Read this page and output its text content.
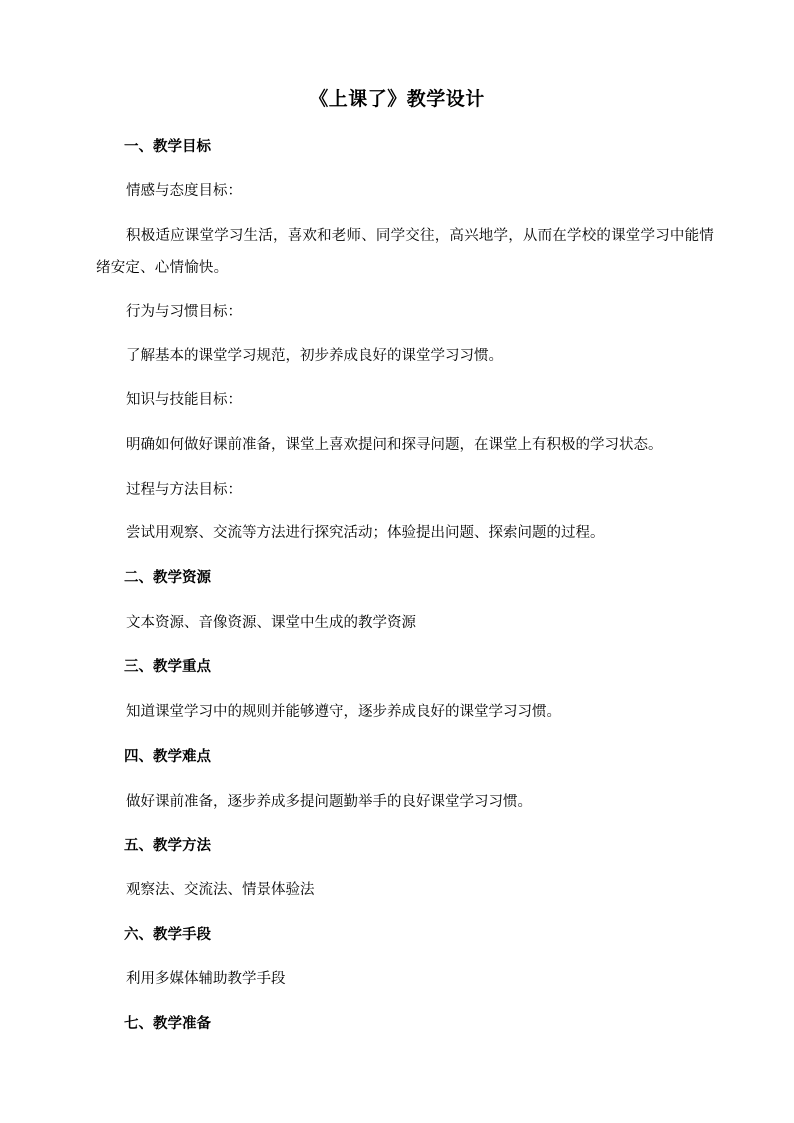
《上课了》教学设计
一、教学目标
情感与态度目标：
积极适应课堂学习生活，喜欢和老师、同学交往，高兴地学，从而在学校的课堂学习中能情绪安定、心情愉快。
行为与习惯目标：
了解基本的课堂学习规范，初步养成良好的课堂学习习惯。
知识与技能目标：
明确如何做好课前准备，课堂上喜欢提问和探寻问题，在课堂上有积极的学习状态。
过程与方法目标：
尝试用观察、交流等方法进行探究活动；体验提出问题、探索问题的过程。
二、教学资源
文本资源、音像资源、课堂中生成的教学资源
三、教学重点
知道课堂学习中的规则并能够遵守，逐步养成良好的课堂学习习惯。
四、教学难点
做好课前准备，逐步养成多提问题勤举手的良好课堂学习习惯。
五、教学方法
观察法、交流法、情景体验法
六、教学手段
利用多媒体辅助教学手段
七、教学准备
